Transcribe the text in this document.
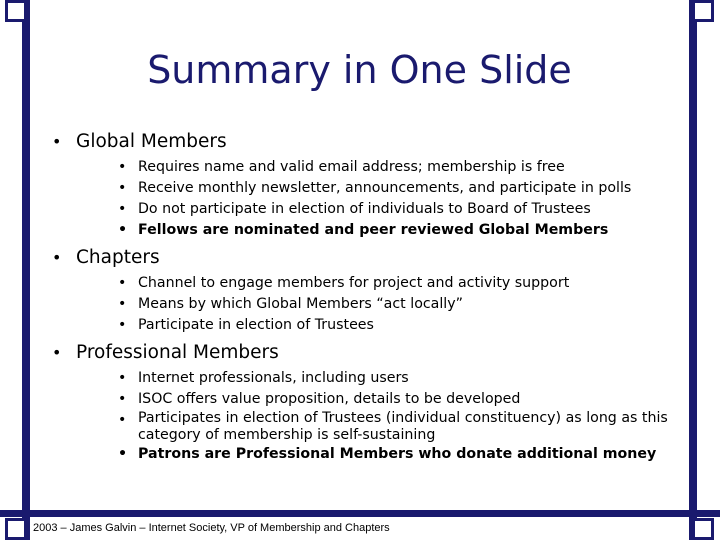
Summary in One Slide
• Global Members
• Requires name and valid email address; membership is free
• Receive monthly newsletter, announcements, and participate in polls
• Do not participate in election of individuals to Board of Trustees
• Fellows are nominated and peer reviewed Global Members
• Chapters
• Channel to engage members for project and activity support
• Means by which Global Members “act locally”
• Participate in election of Trustees
• Professional Members
• Internet professionals, including users
• ISOC offers value proposition, details to be developed
• Participates in election of Trustees (individual constituency) as long as this category of membership is self-sustaining
• Patrons are Professional Members who donate additional money
2003 – James Galvin – Internet Society, VP of Membership and Chapters
